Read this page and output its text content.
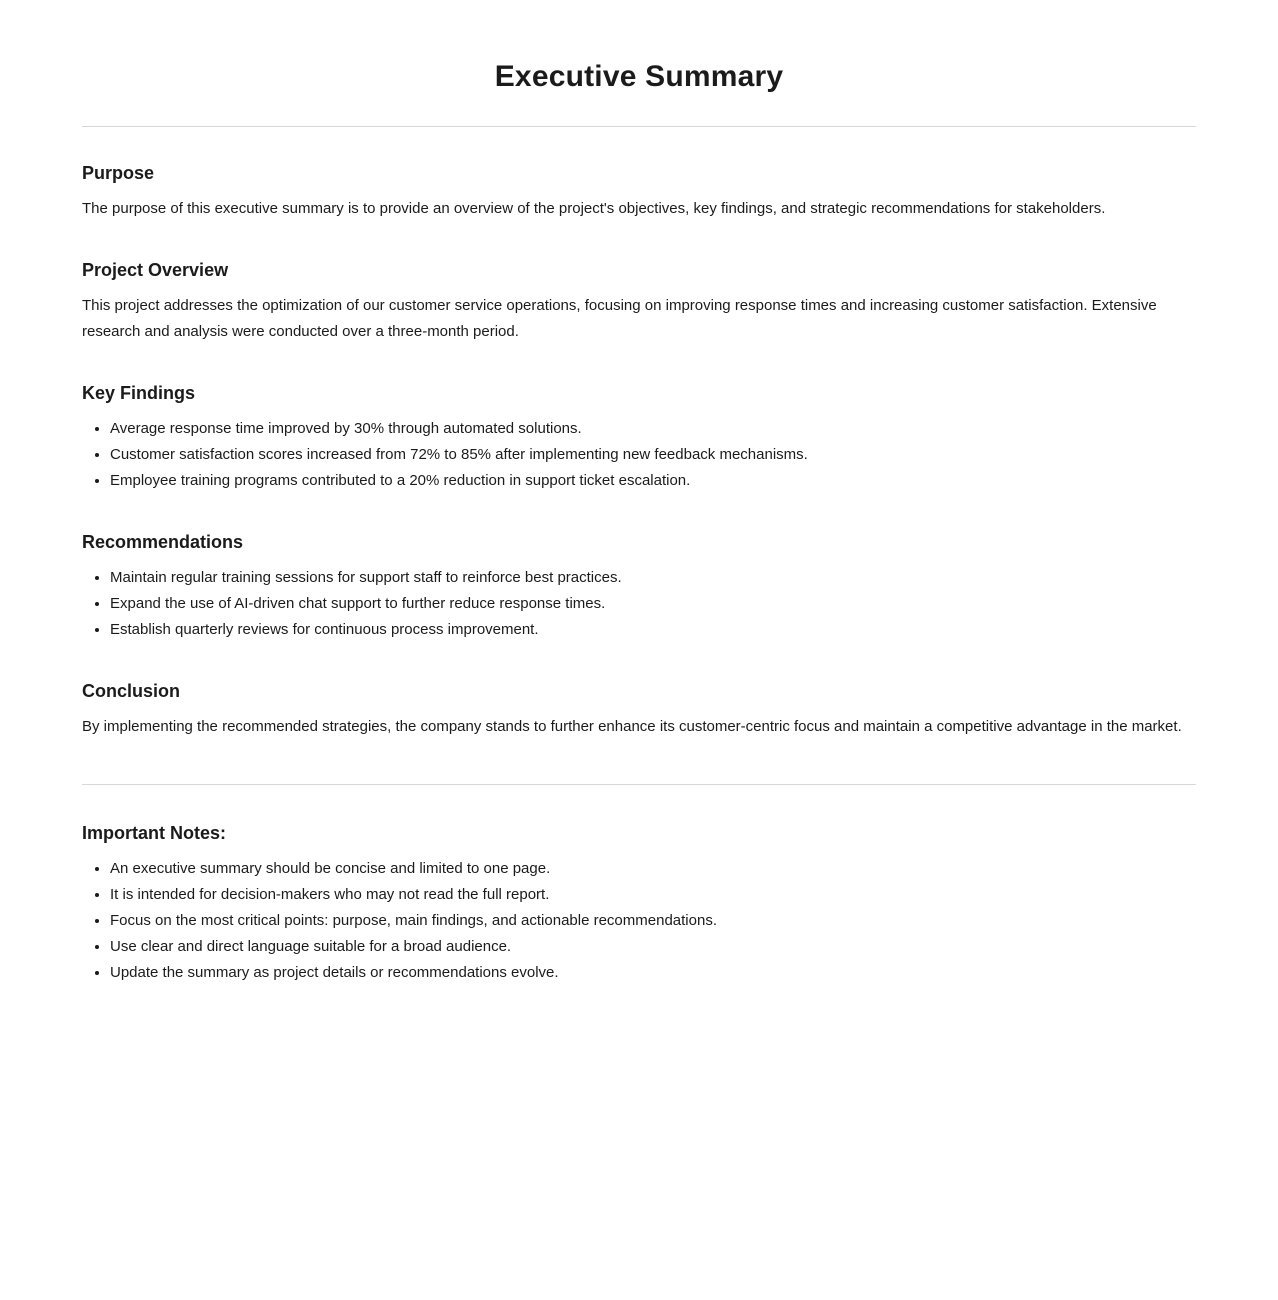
Executive Summary
Purpose

The purpose of this executive summary is to provide an overview of the project's objectives, key findings, and strategic recommendations for stakeholders.

Project Overview

This project addresses the optimization of our customer service operations, focusing on improving response times and increasing customer satisfaction. Extensive research and analysis were conducted over a three-month period.

Key Findings
• Average response time improved by 30% through automated solutions.
• Customer satisfaction scores increased from 72% to 85% after implementing new feedback mechanisms.
• Employee training programs contributed to a 20% reduction in support ticket escalation.
Recommendations
• Maintain regular training sessions for support staff to reinforce best practices.
• Expand the use of AI-driven chat support to further reduce response times.
• Establish quarterly reviews for continuous process improvement.
Conclusion

By implementing the recommended strategies, the company stands to further enhance its customer-centric focus and maintain a competitive advantage in the market.

Important Notes:
• An executive summary should be concise and limited to one page.
• It is intended for decision-makers who may not read the full report.
• Focus on the most critical points: purpose, main findings, and actionable recommendations.
• Use clear and direct language suitable for a broad audience.
• Update the summary as project details or recommendations evolve.
